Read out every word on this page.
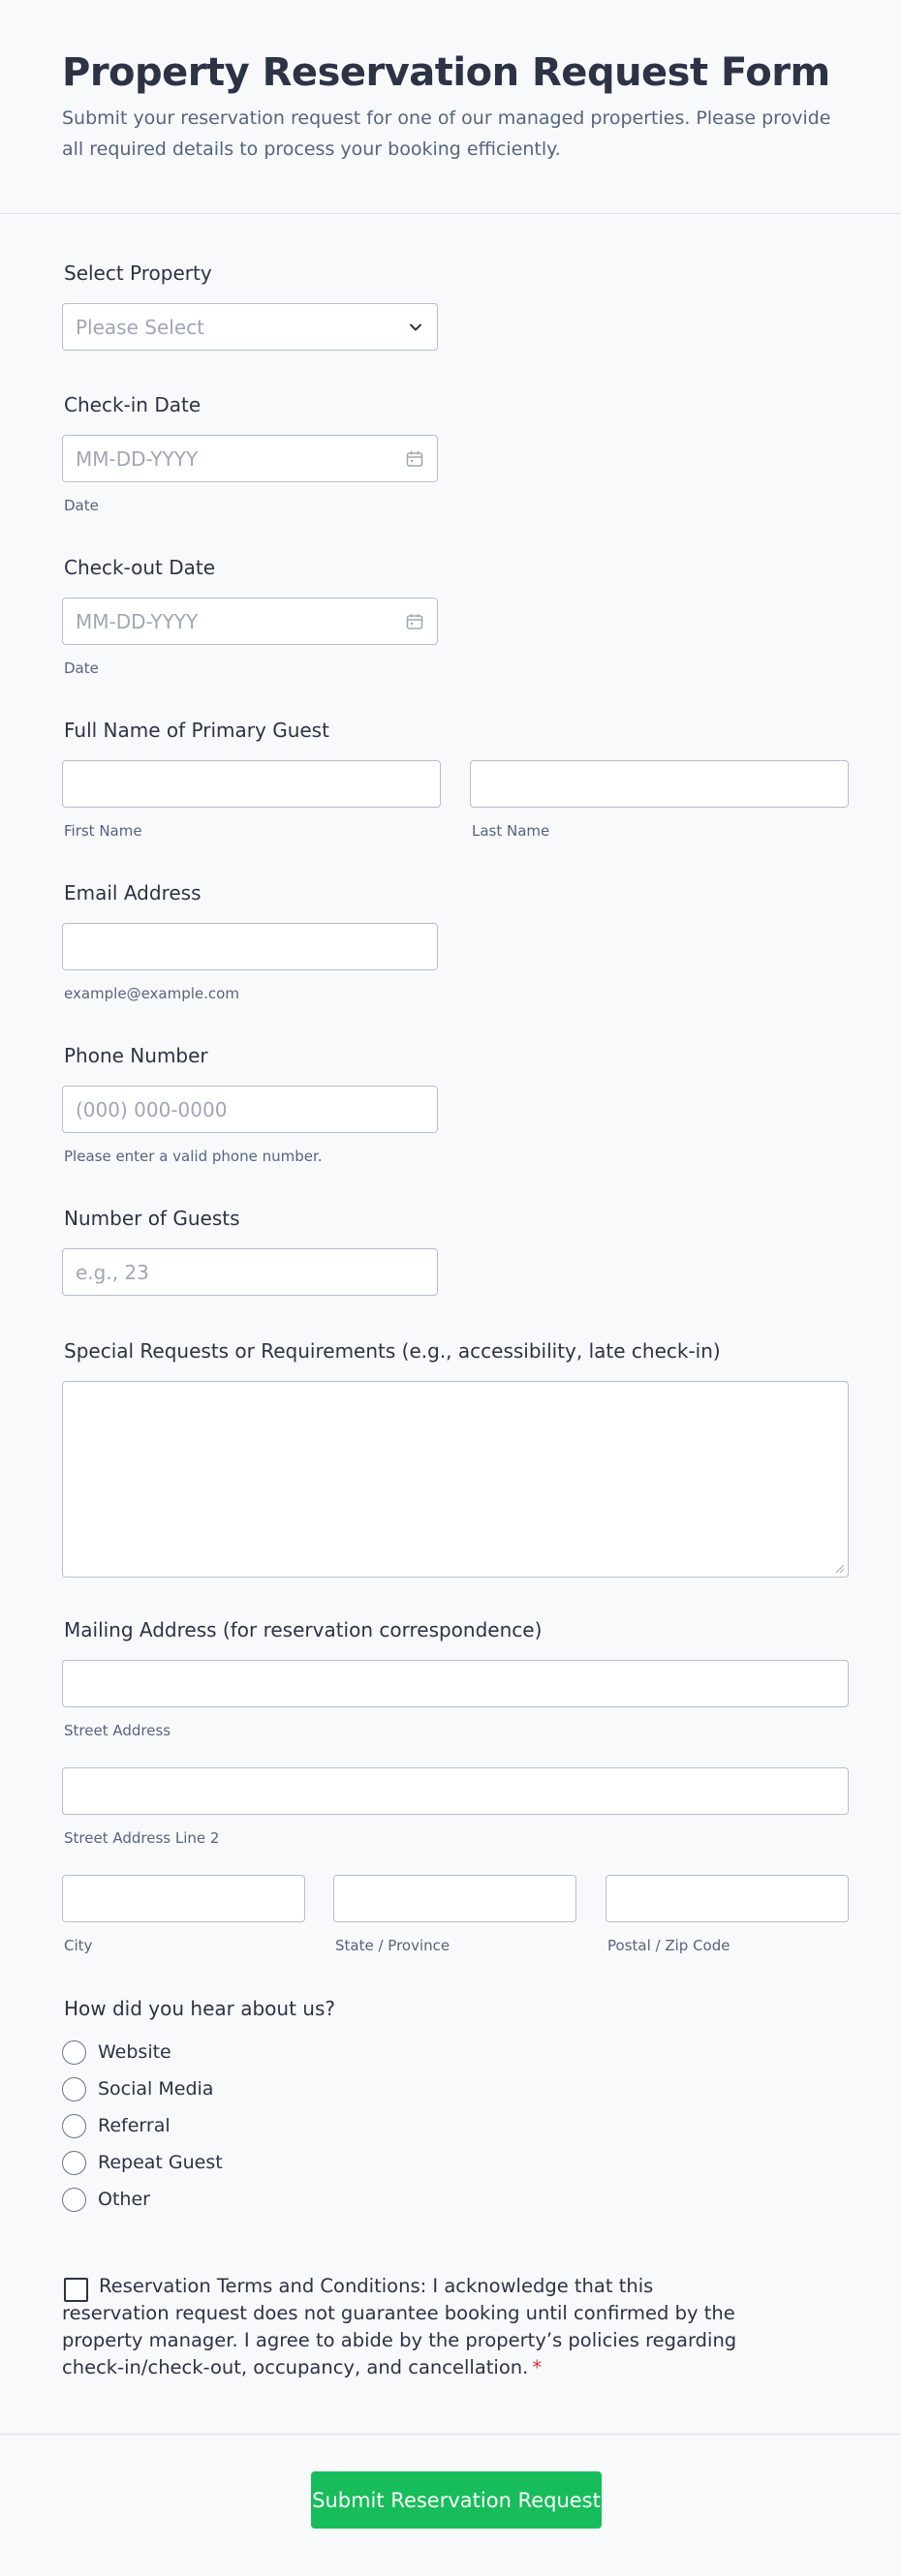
Property Reservation Request Form

Submit your reservation request for one of our managed properties. Please provide all required details to process your booking efficiently.

Select Property
Please Select
Check-in Date
MM-DD-YYYY
Date
Check-out Date
MM-DD-YYYY
Date
Full Name of Primary Guest
First Name	Last Name
Email Address
example@example.com
Phone Number
(000) 000-0000
Please enter a valid phone number.
Number of Guests
e.g., 23
Special Requests or Requirements (e.g., accessibility, late check-in)
Mailing Address (for reservation correspondence)
Street Address
Street Address Line 2
City	State / Province	Postal / Zip Code
How did you hear about us?
Website
Social Media
Referral
Repeat Guest
Other

Reservation Terms and Conditions: I acknowledge that this reservation request does not guarantee booking until confirmed by the property manager. I agree to abide by the property’s policies regarding check-in/check-out, occupancy, and cancellation. *

Submit Reservation Request
